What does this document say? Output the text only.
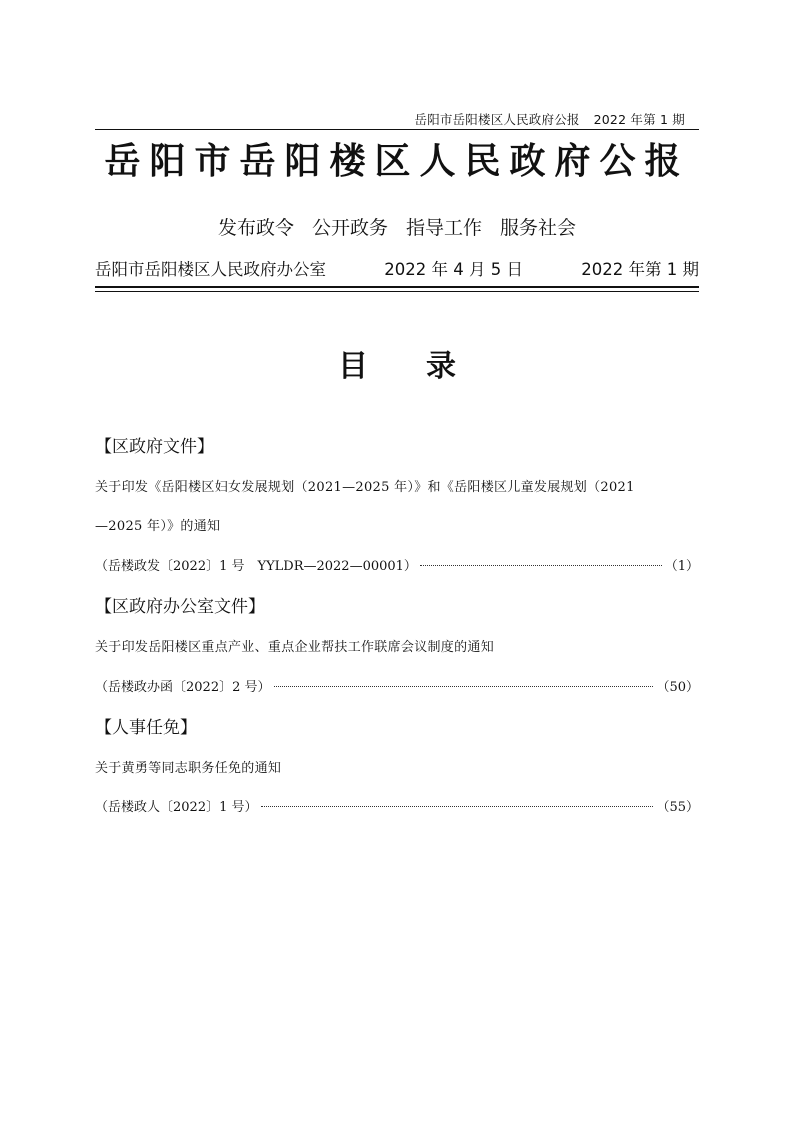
岳阳市岳阳楼区人民政府公报 2022 年第 1 期
岳阳市岳阳楼区人民政府公报
发布政令 公开政务 指导工作 服务社会
岳阳市岳阳楼区人民政府办公室	2022 年 4 月 5 日	2022 年第 1 期
目 录
【区政府文件】
关于印发《岳阳楼区妇女发展规划（2021—2025 年）》和《岳阳楼区儿童发展规划（2021
—2025 年）》的通知
（岳楼政发〔2022〕1 号　YYLDR—2022—00001）	（1）
【区政府办公室文件】
关于印发岳阳楼区重点产业、重点企业帮扶工作联席会议制度的通知
（岳楼政办函〔2022〕2 号）	（50）
【人事任免】
关于黄勇等同志职务任免的通知
（岳楼政人〔2022〕1 号）	（55）
